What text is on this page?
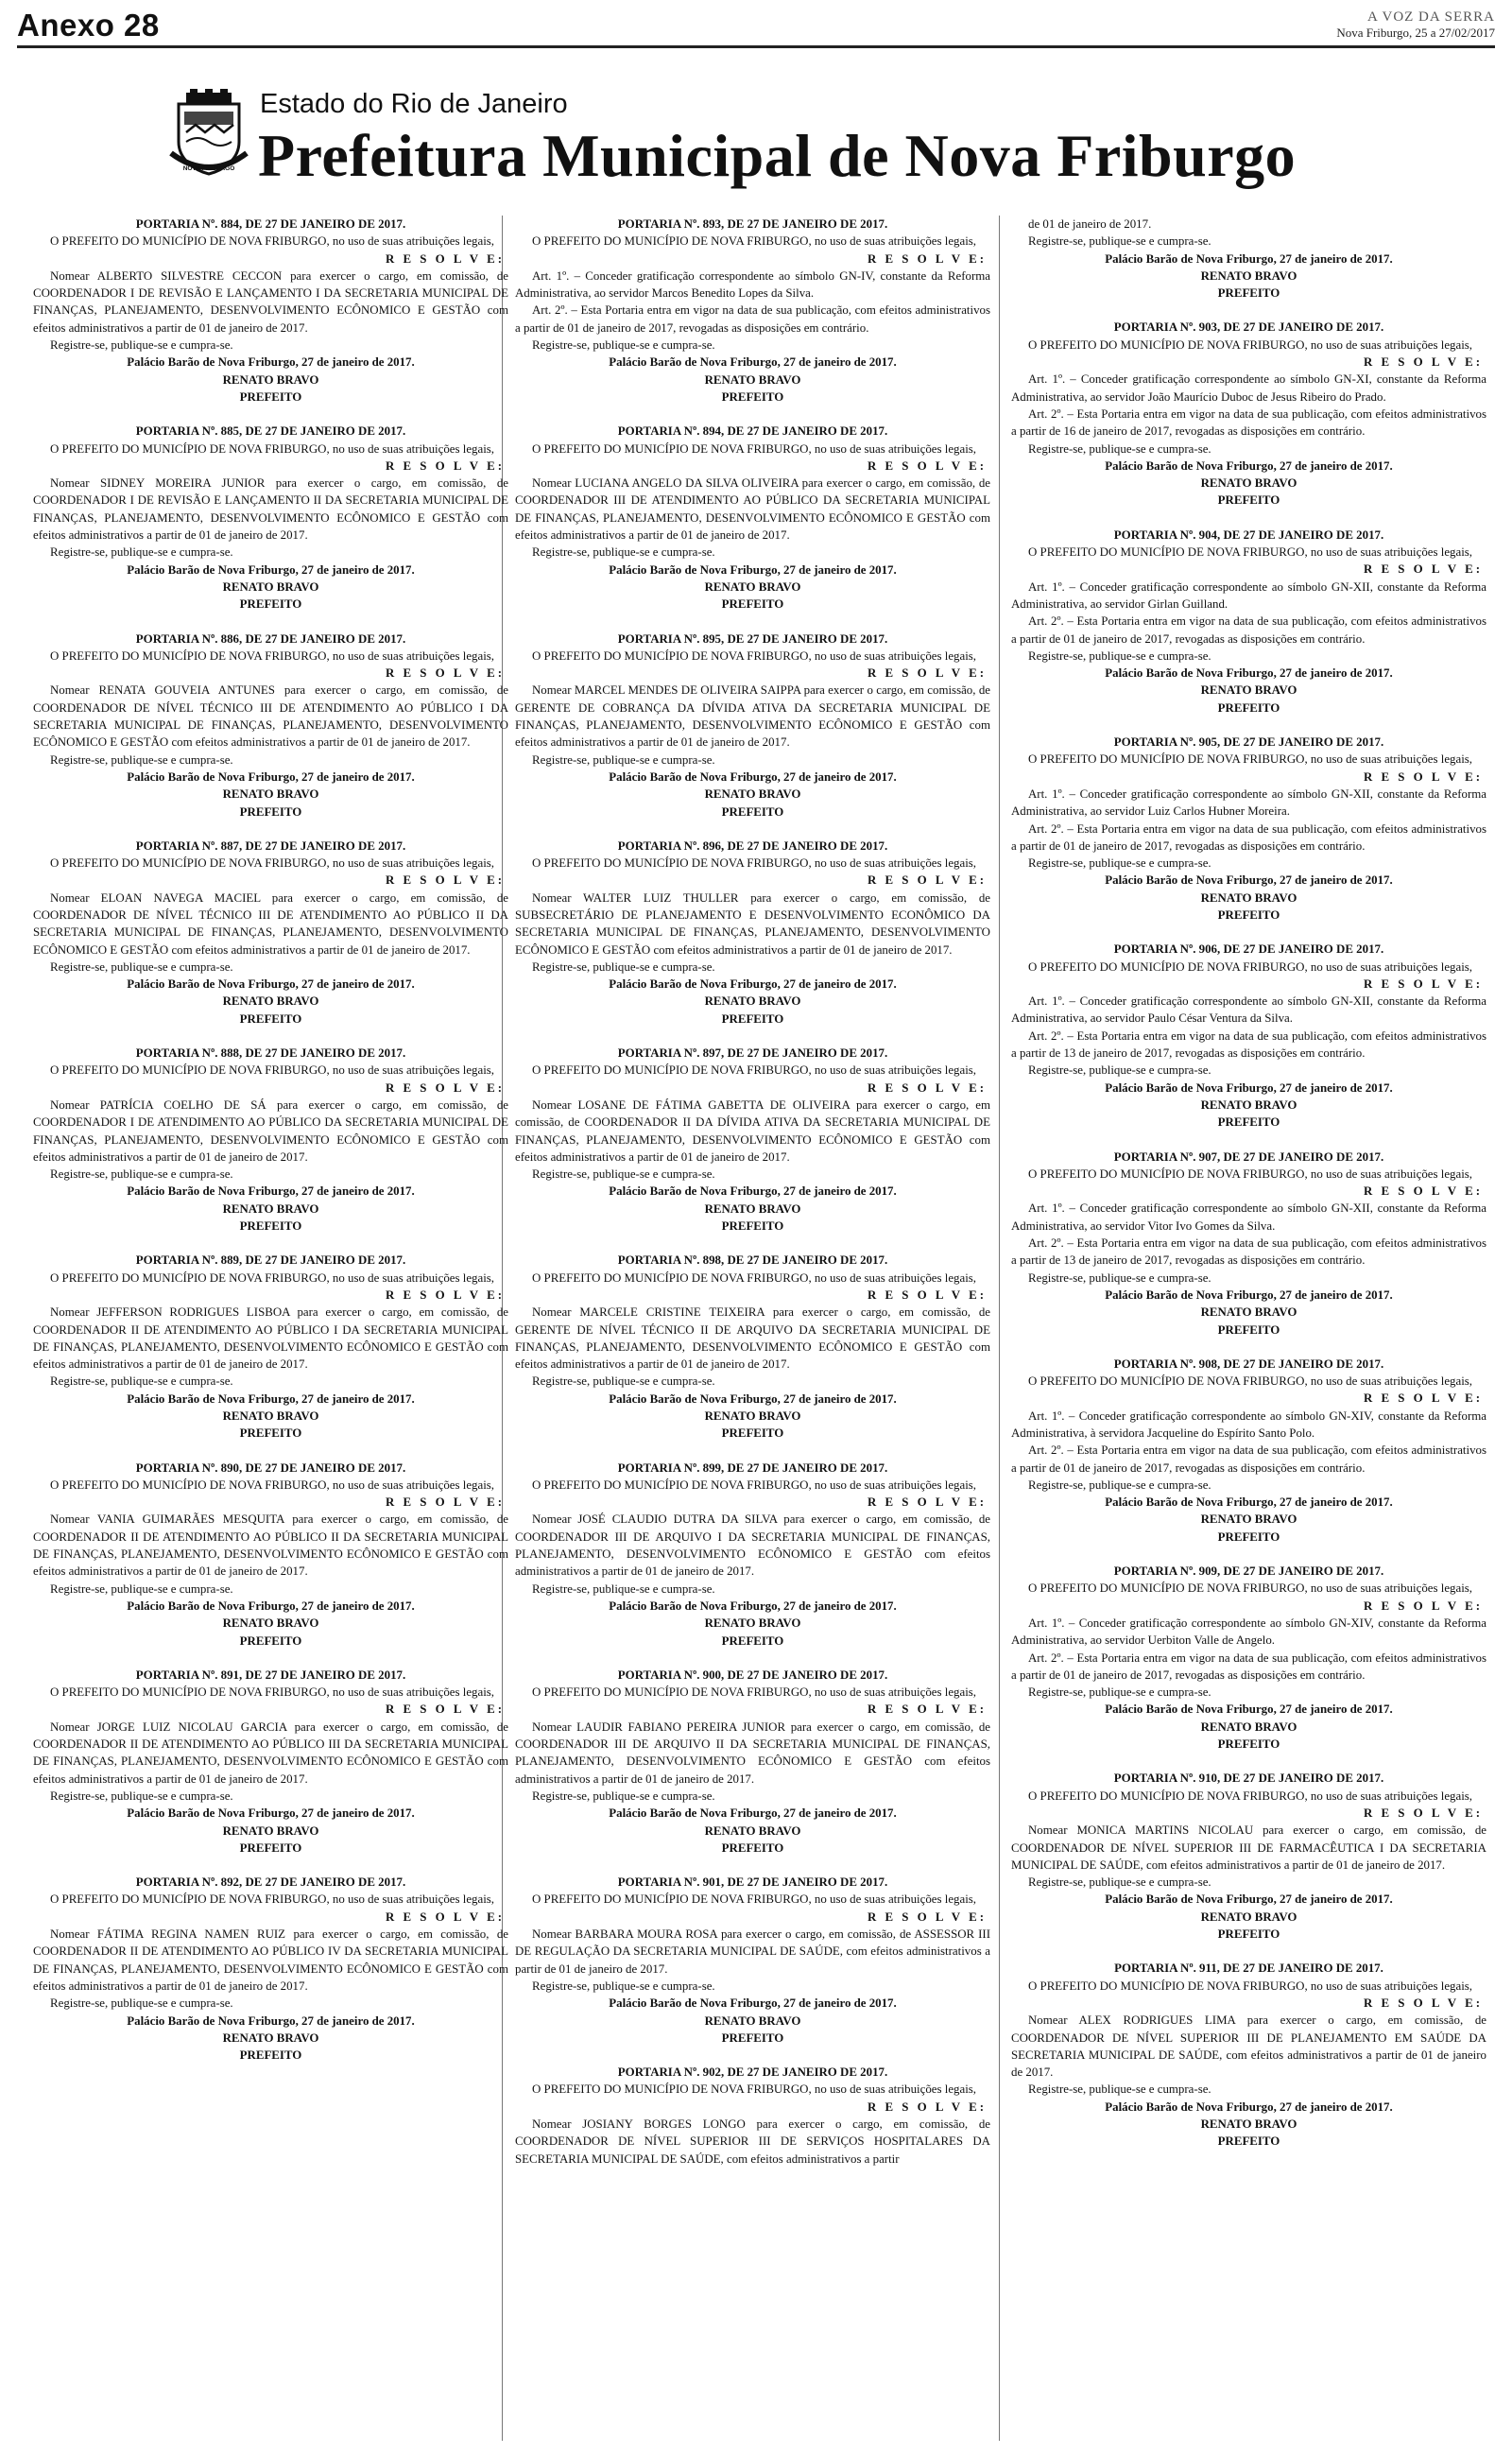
Anexo 28	A VOZ DA SERRA
Nova Friburgo, 25 a 27/02/2017
NOVA FRIBURGO
Estado do Rio de Janeiro
Prefeitura Municipal de Nova Friburgo
PORTARIA Nº. 884, DE 27 DE JANEIRO DE 2017.
O PREFEITO DO MUNICÍPIO DE NOVA FRIBURGO, no uso de suas atribuições legais,
R E S O L V E:
Nomear ALBERTO SILVESTRE CECCON para exercer o cargo, em comissão, de COORDENADOR I DE REVISÃO E LANÇAMENTO I DA SECRETARIA MUNICIPAL DE FINANÇAS, PLANEJAMENTO, DESENVOLVIMENTO ECÔNOMICO E GESTÃO com efeitos administrativos a partir de 01 de janeiro de 2017.
Registre-se, publique-se e cumpra-se.
Palácio Barão de Nova Friburgo, 27 de janeiro de 2017.
RENATO BRAVO
PREFEITO
PORTARIA Nº. 885, DE 27 DE JANEIRO DE 2017.
O PREFEITO DO MUNICÍPIO DE NOVA FRIBURGO, no uso de suas atribuições legais,
R E S O L V E:
Nomear SIDNEY MOREIRA JUNIOR para exercer o cargo, em comissão, de COORDENADOR I DE REVISÃO E LANÇAMENTO II DA SECRETARIA MUNICIPAL DE FINANÇAS, PLANEJAMENTO, DESENVOLVIMENTO ECÔNOMICO E GESTÃO com efeitos administrativos a partir de 01 de janeiro de 2017.
Registre-se, publique-se e cumpra-se.
Palácio Barão de Nova Friburgo, 27 de janeiro de 2017.
RENATO BRAVO
PREFEITO
PORTARIA Nº. 886, DE 27 DE JANEIRO DE 2017.
O PREFEITO DO MUNICÍPIO DE NOVA FRIBURGO, no uso de suas atribuições legais,
R E S O L V E:
Nomear RENATA GOUVEIA ANTUNES para exercer o cargo, em comissão, de COORDENADOR DE NÍVEL TÉCNICO III DE ATENDIMENTO AO PÚBLICO I DA SECRETARIA MUNICIPAL DE FINANÇAS, PLANEJAMENTO, DESENVOLVIMENTO ECÔNOMICO E GESTÃO com efeitos administrativos a partir de 01 de janeiro de 2017.
Registre-se, publique-se e cumpra-se.
Palácio Barão de Nova Friburgo, 27 de janeiro de 2017.
RENATO BRAVO
PREFEITO
PORTARIA Nº. 887, DE 27 DE JANEIRO DE 2017.
O PREFEITO DO MUNICÍPIO DE NOVA FRIBURGO, no uso de suas atribuições legais,
R E S O L V E:
Nomear ELOAN NAVEGA MACIEL para exercer o cargo, em comissão, de COORDENADOR DE NÍVEL TÉCNICO III DE ATENDIMENTO AO PÚBLICO II DA SECRETARIA MUNICIPAL DE FINANÇAS, PLANEJAMENTO, DESENVOLVIMENTO ECÔNOMICO E GESTÃO com efeitos administrativos a partir de 01 de janeiro de 2017.
Registre-se, publique-se e cumpra-se.
Palácio Barão de Nova Friburgo, 27 de janeiro de 2017.
RENATO BRAVO
PREFEITO
PORTARIA Nº. 888, DE 27 DE JANEIRO DE 2017.
O PREFEITO DO MUNICÍPIO DE NOVA FRIBURGO, no uso de suas atribuições legais,
R E S O L V E:
Nomear PATRÍCIA COELHO DE SÁ para exercer o cargo, em comissão, de COORDENADOR I DE ATENDIMENTO AO PÚBLICO DA SECRETARIA MUNICIPAL DE FINANÇAS, PLANEJAMENTO, DESENVOLVIMENTO ECÔNOMICO E GESTÃO com efeitos administrativos a partir de 01 de janeiro de 2017.
Registre-se, publique-se e cumpra-se.
Palácio Barão de Nova Friburgo, 27 de janeiro de 2017.
RENATO BRAVO
PREFEITO
PORTARIA Nº. 889, DE 27 DE JANEIRO DE 2017.
O PREFEITO DO MUNICÍPIO DE NOVA FRIBURGO, no uso de suas atribuições legais,
R E S O L V E:
Nomear JEFFERSON RODRIGUES LISBOA para exercer o cargo, em comissão, de COORDENADOR II DE ATENDIMENTO AO PÚBLICO I DA SECRETARIA MUNICIPAL DE FINANÇAS, PLANEJAMENTO, DESENVOLVIMENTO ECÔNOMICO E GESTÃO com efeitos administrativos a partir de 01 de janeiro de 2017.
Registre-se, publique-se e cumpra-se.
Palácio Barão de Nova Friburgo, 27 de janeiro de 2017.
RENATO BRAVO
PREFEITO
PORTARIA Nº. 890, DE 27 DE JANEIRO DE 2017.
O PREFEITO DO MUNICÍPIO DE NOVA FRIBURGO, no uso de suas atribuições legais,
R E S O L V E:
Nomear VANIA GUIMARÃES MESQUITA para exercer o cargo, em comissão, de COORDENADOR II DE ATENDIMENTO AO PÚBLICO II DA SECRETARIA MUNICIPAL DE FINANÇAS, PLANEJAMENTO, DESENVOLVIMENTO ECÔNOMICO E GESTÃO com efeitos administrativos a partir de 01 de janeiro de 2017.
Registre-se, publique-se e cumpra-se.
Palácio Barão de Nova Friburgo, 27 de janeiro de 2017.
RENATO BRAVO
PREFEITO
PORTARIA Nº. 891, DE 27 DE JANEIRO DE 2017.
O PREFEITO DO MUNICÍPIO DE NOVA FRIBURGO, no uso de suas atribuições legais,
R E S O L V E:
Nomear JORGE LUIZ NICOLAU GARCIA para exercer o cargo, em comissão, de COORDENADOR II DE ATENDIMENTO AO PÚBLICO III DA SECRETARIA MUNICIPAL DE FINANÇAS, PLANEJAMENTO, DESENVOLVIMENTO ECÔNOMICO E GESTÃO com efeitos administrativos a partir de 01 de janeiro de 2017.
Registre-se, publique-se e cumpra-se.
Palácio Barão de Nova Friburgo, 27 de janeiro de 2017.
RENATO BRAVO
PREFEITO
PORTARIA Nº. 892, DE 27 DE JANEIRO DE 2017.
O PREFEITO DO MUNICÍPIO DE NOVA FRIBURGO, no uso de suas atribuições legais,
R E S O L V E:
Nomear FÁTIMA REGINA NAMEN RUIZ para exercer o cargo, em comissão, de COORDENADOR II DE ATENDIMENTO AO PÚBLICO IV DA SECRETARIA MUNICIPAL DE FINANÇAS, PLANEJAMENTO, DESENVOLVIMENTO ECÔNOMICO E GESTÃO com efeitos administrativos a partir de 01 de janeiro de 2017.
Registre-se, publique-se e cumpra-se.
Palácio Barão de Nova Friburgo, 27 de janeiro de 2017.
RENATO BRAVO
PREFEITO
PORTARIA Nº. 893, DE 27 DE JANEIRO DE 2017.
O PREFEITO DO MUNICÍPIO DE NOVA FRIBURGO, no uso de suas atribuições legais,
R E S O L V E:
Art. 1º. – Conceder gratificação correspondente ao símbolo GN-IV, constante da Reforma Administrativa, ao servidor Marcos Benedito Lopes da Silva.
Art. 2º. – Esta Portaria entra em vigor na data de sua publicação, com efeitos administrativos a partir de 01 de janeiro de 2017, revogadas as disposições em contrário.
Registre-se, publique-se e cumpra-se.
Palácio Barão de Nova Friburgo, 27 de janeiro de 2017.
RENATO BRAVO
PREFEITO
PORTARIA Nº. 894, DE 27 DE JANEIRO DE 2017.
O PREFEITO DO MUNICÍPIO DE NOVA FRIBURGO, no uso de suas atribuições legais,
R E S O L V E:
Nomear LUCIANA ANGELO DA SILVA OLIVEIRA para exercer o cargo, em comissão, de COORDENADOR III DE ATENDIMENTO AO PÚBLICO DA SECRETARIA MUNICIPAL DE FINANÇAS, PLANEJAMENTO, DESENVOLVIMENTO ECÔNOMICO E GESTÃO com efeitos administrativos a partir de 01 de janeiro de 2017.
Registre-se, publique-se e cumpra-se.
Palácio Barão de Nova Friburgo, 27 de janeiro de 2017.
RENATO BRAVO
PREFEITO
PORTARIA Nº. 895, DE 27 DE JANEIRO DE 2017.
O PREFEITO DO MUNICÍPIO DE NOVA FRIBURGO, no uso de suas atribuições legais,
R E S O L V E:
Nomear MARCEL MENDES DE OLIVEIRA SAIPPA para exercer o cargo, em comissão, de GERENTE DE COBRANÇA DA DÍVIDA ATIVA DA SECRETARIA MUNICIPAL DE FINANÇAS, PLANEJAMENTO, DESENVOLVIMENTO ECÔNOMICO E GESTÃO com efeitos administrativos a partir de 01 de janeiro de 2017.
Registre-se, publique-se e cumpra-se.
Palácio Barão de Nova Friburgo, 27 de janeiro de 2017.
RENATO BRAVO
PREFEITO
PORTARIA Nº. 896, DE 27 DE JANEIRO DE 2017.
O PREFEITO DO MUNICÍPIO DE NOVA FRIBURGO, no uso de suas atribuições legais,
R E S O L V E:
Nomear WALTER LUIZ THULLER para exercer o cargo, em comissão, de SUBSECRETÁRIO DE PLANEJAMENTO E DESENVOLVIMENTO ECONÔMICO DA SECRETARIA MUNICIPAL DE FINANÇAS, PLANEJAMENTO, DESENVOLVIMENTO ECÔNOMICO E GESTÃO com efeitos administrativos a partir de 01 de janeiro de 2017.
Registre-se, publique-se e cumpra-se.
Palácio Barão de Nova Friburgo, 27 de janeiro de 2017.
RENATO BRAVO
PREFEITO
PORTARIA Nº. 897, DE 27 DE JANEIRO DE 2017.
O PREFEITO DO MUNICÍPIO DE NOVA FRIBURGO, no uso de suas atribuições legais,
R E S O L V E:
Nomear LOSANE DE FÁTIMA GABETTA DE OLIVEIRA para exercer o cargo, em comissão, de COORDENADOR II DA DÍVIDA ATIVA DA SECRETARIA MUNICIPAL DE FINANÇAS, PLANEJAMENTO, DESENVOLVIMENTO ECÔNOMICO E GESTÃO com efeitos administrativos a partir de 01 de janeiro de 2017.
Registre-se, publique-se e cumpra-se.
Palácio Barão de Nova Friburgo, 27 de janeiro de 2017.
RENATO BRAVO
PREFEITO
PORTARIA Nº. 898, DE 27 DE JANEIRO DE 2017.
O PREFEITO DO MUNICÍPIO DE NOVA FRIBURGO, no uso de suas atribuições legais,
R E S O L V E:
Nomear MARCELE CRISTINE TEIXEIRA para exercer o cargo, em comissão, de GERENTE DE NÍVEL TÉCNICO II DE ARQUIVO DA SECRETARIA MUNICIPAL DE FINANÇAS, PLANEJAMENTO, DESENVOLVIMENTO ECÔNOMICO E GESTÃO com efeitos administrativos a partir de 01 de janeiro de 2017.
Registre-se, publique-se e cumpra-se.
Palácio Barão de Nova Friburgo, 27 de janeiro de 2017.
RENATO BRAVO
PREFEITO
PORTARIA Nº. 899, DE 27 DE JANEIRO DE 2017.
O PREFEITO DO MUNICÍPIO DE NOVA FRIBURGO, no uso de suas atribuições legais,
R E S O L V E:
Nomear JOSÉ CLAUDIO DUTRA DA SILVA para exercer o cargo, em comissão, de COORDENADOR III DE ARQUIVO I DA SECRETARIA MUNICIPAL DE FINANÇAS, PLANEJAMENTO, DESENVOLVIMENTO ECÔNOMICO E GESTÃO com efeitos administrativos a partir de 01 de janeiro de 2017.
Registre-se, publique-se e cumpra-se.
Palácio Barão de Nova Friburgo, 27 de janeiro de 2017.
RENATO BRAVO
PREFEITO
PORTARIA Nº. 900, DE 27 DE JANEIRO DE 2017.
O PREFEITO DO MUNICÍPIO DE NOVA FRIBURGO, no uso de suas atribuições legais,
R E S O L V E:
Nomear LAUDIR FABIANO PEREIRA JUNIOR para exercer o cargo, em comissão, de COORDENADOR III DE ARQUIVO II DA SECRETARIA MUNICIPAL DE FINANÇAS, PLANEJAMENTO, DESENVOLVIMENTO ECÔNOMICO E GESTÃO com efeitos administrativos a partir de 01 de janeiro de 2017.
Registre-se, publique-se e cumpra-se.
Palácio Barão de Nova Friburgo, 27 de janeiro de 2017.
RENATO BRAVO
PREFEITO
PORTARIA Nº. 901, DE 27 DE JANEIRO DE 2017.
O PREFEITO DO MUNICÍPIO DE NOVA FRIBURGO, no uso de suas atribuições legais,
R E S O L V E:
Nomear BARBARA MOURA ROSA para exercer o cargo, em comissão, de ASSESSOR III DE REGULAÇÃO DA SECRETARIA MUNICIPAL DE SAÚDE, com efeitos administrativos a partir de 01 de janeiro de 2017.
Registre-se, publique-se e cumpra-se.
Palácio Barão de Nova Friburgo, 27 de janeiro de 2017.
RENATO BRAVO
PREFEITO
PORTARIA Nº. 902, DE 27 DE JANEIRO DE 2017.
O PREFEITO DO MUNICÍPIO DE NOVA FRIBURGO, no uso de suas atribuições legais,
R E S O L V E:
Nomear JOSIANY BORGES LONGO para exercer o cargo, em comissão, de COORDENADOR DE NÍVEL SUPERIOR III DE SERVIÇOS HOSPITALARES DA SECRETARIA MUNICIPAL DE SAÚDE, com efeitos administrativos a partir
de 01 de janeiro de 2017.
Registre-se, publique-se e cumpra-se.
Palácio Barão de Nova Friburgo, 27 de janeiro de 2017.
RENATO BRAVO
PREFEITO
PORTARIA Nº. 903, DE 27 DE JANEIRO DE 2017.
O PREFEITO DO MUNICÍPIO DE NOVA FRIBURGO, no uso de suas atribuições legais,
R E S O L V E:
Art. 1º. – Conceder gratificação correspondente ao símbolo GN-XI, constante da Reforma Administrativa, ao servidor João Maurício Duboc de Jesus Ribeiro do Prado.
Art. 2º. – Esta Portaria entra em vigor na data de sua publicação, com efeitos administrativos a partir de 16 de janeiro de 2017, revogadas as disposições em contrário.
Registre-se, publique-se e cumpra-se.
Palácio Barão de Nova Friburgo, 27 de janeiro de 2017.
RENATO BRAVO
PREFEITO
PORTARIA Nº. 904, DE 27 DE JANEIRO DE 2017.
O PREFEITO DO MUNICÍPIO DE NOVA FRIBURGO, no uso de suas atribuições legais,
R E S O L V E:
Art. 1º. – Conceder gratificação correspondente ao símbolo GN-XII, constante da Reforma Administrativa, ao servidor Girlan Guilland.
Art. 2º. – Esta Portaria entra em vigor na data de sua publicação, com efeitos administrativos a partir de 01 de janeiro de 2017, revogadas as disposições em contrário.
Registre-se, publique-se e cumpra-se.
Palácio Barão de Nova Friburgo, 27 de janeiro de 2017.
RENATO BRAVO
PREFEITO
PORTARIA Nº. 905, DE 27 DE JANEIRO DE 2017.
O PREFEITO DO MUNICÍPIO DE NOVA FRIBURGO, no uso de suas atribuições legais,
R E S O L V E:
Art. 1º. – Conceder gratificação correspondente ao símbolo GN-XII, constante da Reforma Administrativa, ao servidor Luiz Carlos Hubner Moreira.
Art. 2º. – Esta Portaria entra em vigor na data de sua publicação, com efeitos administrativos a partir de 01 de janeiro de 2017, revogadas as disposições em contrário.
Registre-se, publique-se e cumpra-se.
Palácio Barão de Nova Friburgo, 27 de janeiro de 2017.
RENATO BRAVO
PREFEITO
PORTARIA Nº. 906, DE 27 DE JANEIRO DE 2017.
O PREFEITO DO MUNICÍPIO DE NOVA FRIBURGO, no uso de suas atribuições legais,
R E S O L V E:
Art. 1º. – Conceder gratificação correspondente ao símbolo GN-XII, constante da Reforma Administrativa, ao servidor Paulo César Ventura da Silva.
Art. 2º. – Esta Portaria entra em vigor na data de sua publicação, com efeitos administrativos a partir de 13 de janeiro de 2017, revogadas as disposições em contrário.
Registre-se, publique-se e cumpra-se.
Palácio Barão de Nova Friburgo, 27 de janeiro de 2017.
RENATO BRAVO
PREFEITO
PORTARIA Nº. 907, DE 27 DE JANEIRO DE 2017.
O PREFEITO DO MUNICÍPIO DE NOVA FRIBURGO, no uso de suas atribuições legais,
R E S O L V E:
Art. 1º. – Conceder gratificação correspondente ao símbolo GN-XII, constante da Reforma Administrativa, ao servidor Vitor Ivo Gomes da Silva.
Art. 2º. – Esta Portaria entra em vigor na data de sua publicação, com efeitos administrativos a partir de 13 de janeiro de 2017, revogadas as disposições em contrário.
Registre-se, publique-se e cumpra-se.
Palácio Barão de Nova Friburgo, 27 de janeiro de 2017.
RENATO BRAVO
PREFEITO
PORTARIA Nº. 908, DE 27 DE JANEIRO DE 2017.
O PREFEITO DO MUNICÍPIO DE NOVA FRIBURGO, no uso de suas atribuições legais,
R E S O L V E:
Art. 1º. – Conceder gratificação correspondente ao símbolo GN-XIV, constante da Reforma Administrativa, à servidora Jacqueline do Espírito Santo Polo.
Art. 2º. – Esta Portaria entra em vigor na data de sua publicação, com efeitos administrativos a partir de 01 de janeiro de 2017, revogadas as disposições em contrário.
Registre-se, publique-se e cumpra-se.
Palácio Barão de Nova Friburgo, 27 de janeiro de 2017.
RENATO BRAVO
PREFEITO
PORTARIA Nº. 909, DE 27 DE JANEIRO DE 2017.
O PREFEITO DO MUNICÍPIO DE NOVA FRIBURGO, no uso de suas atribuições legais,
R E S O L V E:
Art. 1º. – Conceder gratificação correspondente ao símbolo GN-XIV, constante da Reforma Administrativa, ao servidor Uerbiton Valle de Angelo.
Art. 2º. – Esta Portaria entra em vigor na data de sua publicação, com efeitos administrativos a partir de 01 de janeiro de 2017, revogadas as disposições em contrário.
Registre-se, publique-se e cumpra-se.
Palácio Barão de Nova Friburgo, 27 de janeiro de 2017.
RENATO BRAVO
PREFEITO
PORTARIA Nº. 910, DE 27 DE JANEIRO DE 2017.
O PREFEITO DO MUNICÍPIO DE NOVA FRIBURGO, no uso de suas atribuições legais,
R E S O L V E:
Nomear MONICA MARTINS NICOLAU para exercer o cargo, em comissão, de COORDENADOR DE NÍVEL SUPERIOR III DE FARMACÊUTICA I DA SECRETARIA MUNICIPAL DE SAÚDE, com efeitos administrativos a partir de 01 de janeiro de 2017.
Registre-se, publique-se e cumpra-se.
Palácio Barão de Nova Friburgo, 27 de janeiro de 2017.
RENATO BRAVO
PREFEITO
PORTARIA Nº. 911, DE 27 DE JANEIRO DE 2017.
O PREFEITO DO MUNICÍPIO DE NOVA FRIBURGO, no uso de suas atribuições legais,
R E S O L V E:
Nomear ALEX RODRIGUES LIMA para exercer o cargo, em comissão, de COORDENADOR DE NÍVEL SUPERIOR III DE PLANEJAMENTO EM SAÚDE DA SECRETARIA MUNICIPAL DE SAÚDE, com efeitos administrativos a partir de 01 de janeiro de 2017.
Registre-se, publique-se e cumpra-se.
Palácio Barão de Nova Friburgo, 27 de janeiro de 2017.
RENATO BRAVO
PREFEITO
